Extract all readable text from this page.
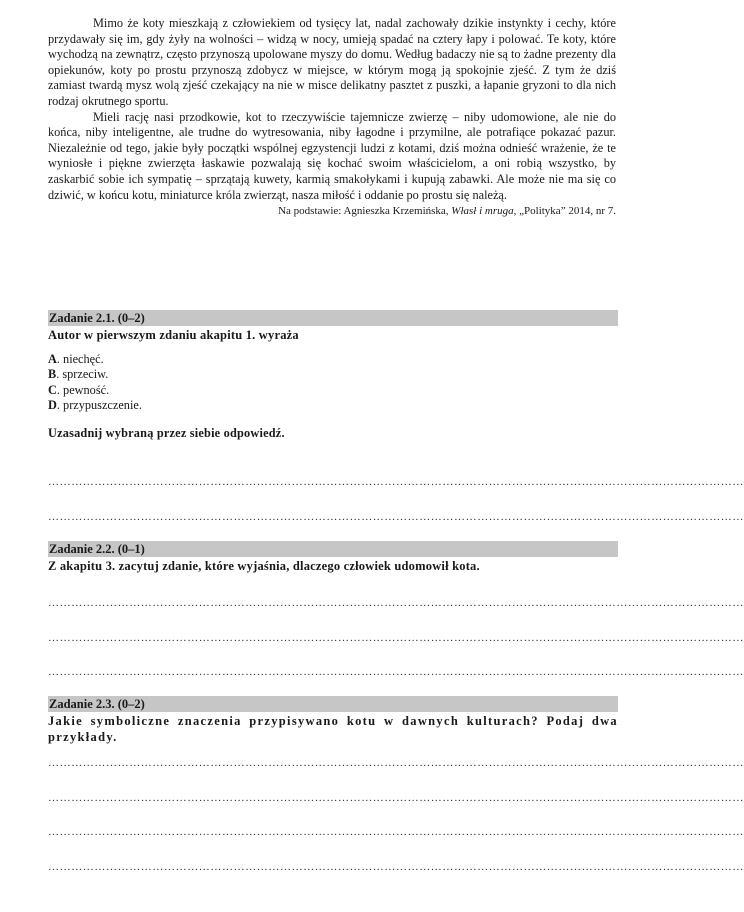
Mimo że koty mieszkają z człowiekiem od tysięcy lat, nadal zachowały dzikie instynkty i cechy, które przydawały się im, gdy żyły na wolności – widzą w nocy, umieją spadać na cztery łapy i polować. Te koty, które wychodzą na zewnątrz, często przynoszą upolowane myszy do domu. Według badaczy nie są to żadne prezenty dla opiekunów, koty po prostu przynoszą zdobycz w miejsce, w którym mogą ją spokojnie zjeść. Z tym że dziś zamiast twardą mysz wolą zjeść czekający na nie w misce delikatny pasztet z puszki, a łapanie gryzoni to dla nich rodzaj okrutnego sportu.

Mieli rację nasi przodkowie, kot to rzeczywiście tajemnicze zwierzę – niby udomowione, ale nie do końca, niby inteligentne, ale trudne do wytresowania, niby łagodne i przymilne, ale potrafiące pokazać pazur. Niezależnie od tego, jakie były początki wspólnej egzystencji ludzi z kotami, dziś można odnieść wrażenie, że te wyniosłe i piękne zwierzęta łaskawie pozwalają się kochać swoim właścicielom, a oni robią wszystko, by zaskarbić sobie ich sympatię – sprzątają kuwety, karmią smakołykami i kupują zabawki. Ale może nie ma się co dziwić, w końcu kotu, miniaturce króla zwierząt, nasza miłość i oddanie po prostu się należą.

Na podstawie: Agnieszka Krzemińska, Własł i mruga, „Polityka” 2014, nr 7.

Zadanie 2.1. (0–2)
Autor w pierwszym zdaniu akapitu 1. wyraża
A. niechęć.
B. sprzeciw.
C. pewność.
D. przypuszczenie.
Uzasadnij wybraną przez siebie odpowiedź.
………………………………………………………………………………………………………………………………………………………………
………………………………………………………………………………………………………………………………………………………………
Zadanie 2.2. (0–1)
Z akapitu 3. zacytuj zdanie, które wyjaśnia, dlaczego człowiek udomowił kota.
………………………………………………………………………………………………………………………………………………………………
………………………………………………………………………………………………………………………………………………………………
………………………………………………………………………………………………………………………………………………………………
Zadanie 2.3. (0–2)
Jakie symboliczne znaczenia przypisywano kotu w dawnych kulturach? Podaj dwa przykłady.
………………………………………………………………………………………………………………………………………………………………
………………………………………………………………………………………………………………………………………………………………
………………………………………………………………………………………………………………………………………………………………
………………………………………………………………………………………………………………………………………………………………
